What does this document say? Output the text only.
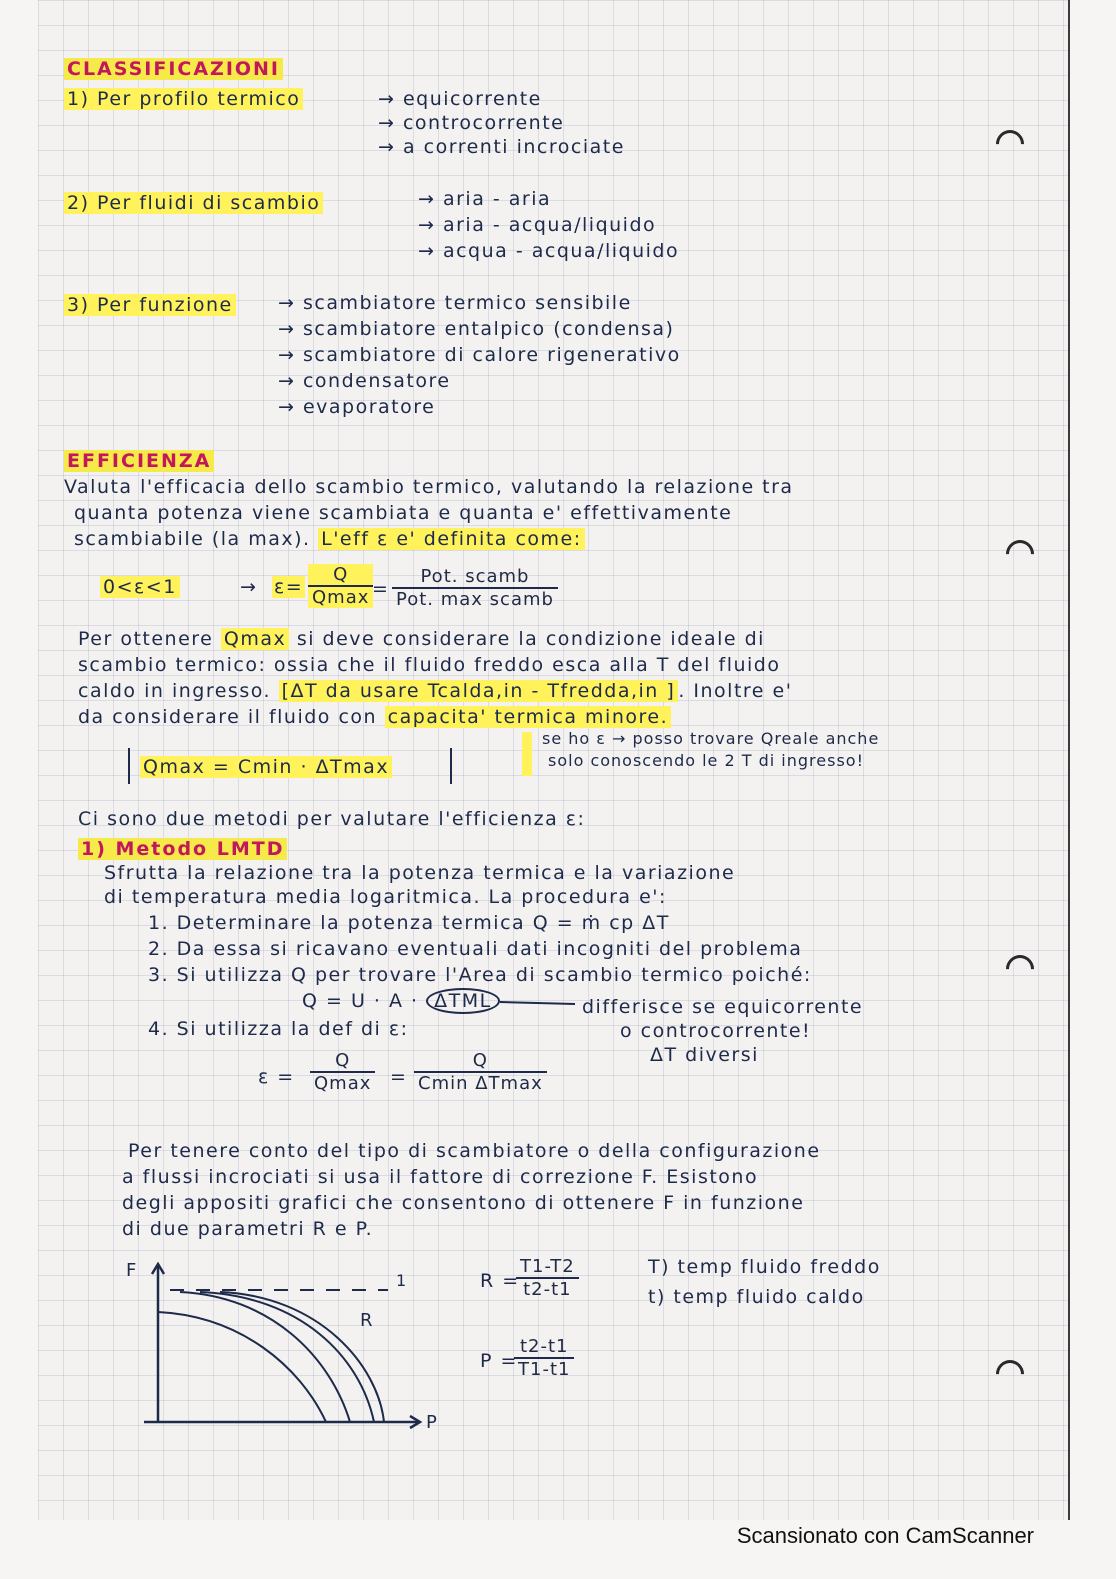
CLASSIFICAZIONI
1) Per profilo termico	→ equicorrente
→ controcorrente
→ a correnti incrociate
2) Per fluidi di scambio	→ aria - aria
→ aria - acqua/liquido
→ acqua - acqua/liquido
3) Per funzione → scambiatore termico sensibile
→ scambiatore entalpico (condensa)
→ scambiatore di calore rigenerativo
→ condensatore
→ evaporatore
EFFICIENZA
Valuta l'efficacia dello scambio termico, valutando la relazione tra
quanta potenza viene scambiata e quanta e' effettivamente
scambiabile (la max). L'eff ε e' definita come:
0<ε<1	→ ε=
Q
Qmax =
Pot. scamb
Pot. max scamb
Per ottenere Qmax si deve considerare la condizione ideale di
scambio termico: ossia che il fluido freddo esca alla T del fluido
caldo in ingresso. [ΔT da usare Tcalda,in - Tfredda,in ] . Inoltre e'
da considerare il fluido con capacita' termica minore.
Qmax = Cmin · ΔTmax
se ho ε → posso trovare Qreale anche
solo conoscendo le 2 T di ingresso!
Ci sono due metodi per valutare l'efficienza ε:
1) Metodo LMTD
Sfrutta la relazione tra la potenza termica e la variazione
di temperatura media logaritmica. La procedura e':
1. Determinare la potenza termica Q = ṁ cp ΔT
2. Da essa si ricavano eventuali dati incogniti del problema
3. Si utilizza Q per trovare l'Area di scambio termico poiché:
Q = U · A · ΔTML	differisce se equicorrente
o controcorrente!
ΔT diversi
4. Si utilizza la def di ε:
ε =
Q
Qmax =
Q
Cmin ΔTmax
Per tenere conto del tipo di scambiatore o della configurazione
a flussi incrociati si usa il fattore di correzione F. Esistono
degli appositi grafici che consentono di ottenere F in funzione
di due parametri R e P.
F
P
R
1	R =
$\frac{T1-T2}{t2-t1}$	T) temp fluido freddo
t) temp fluido caldo
P =
$\frac{t2-t1}{T1-t1}$
Scansionato con CamScanner
